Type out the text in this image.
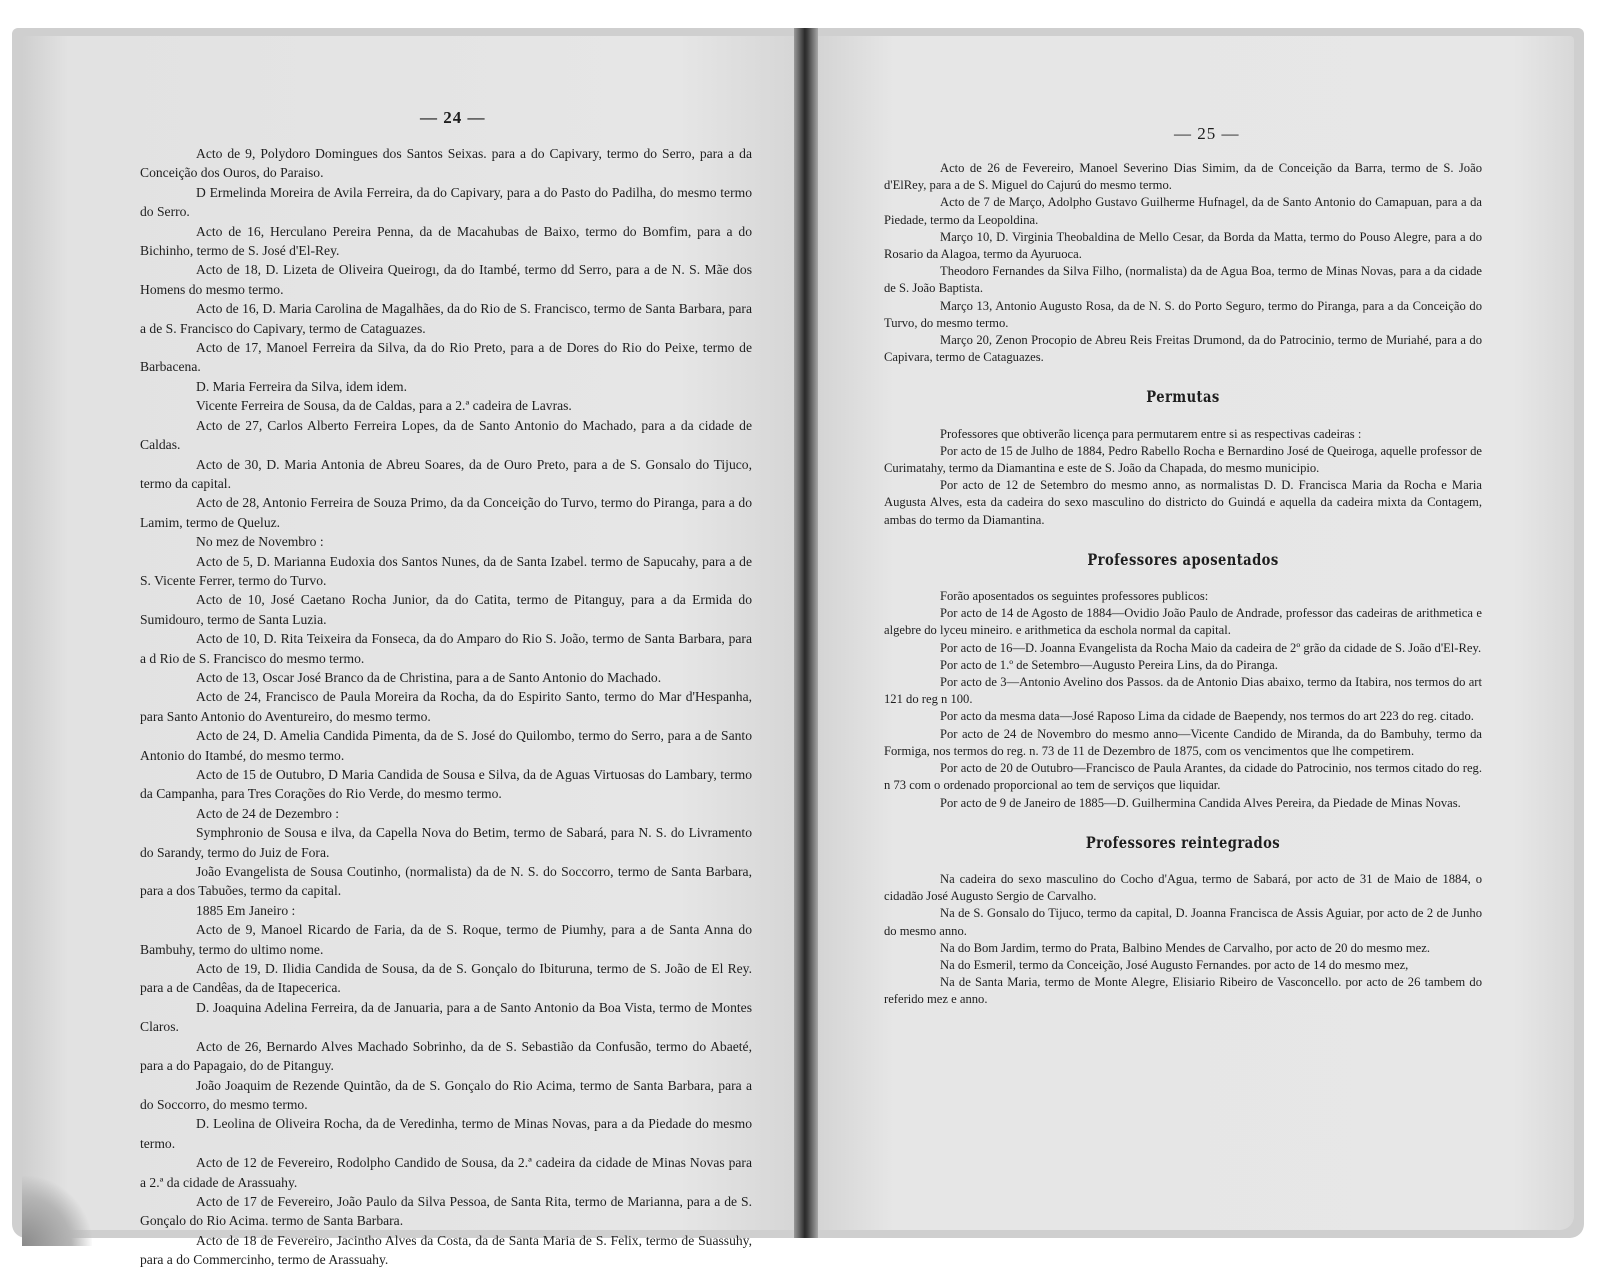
— 24 —

Acto de 9, Polydoro Domingues dos Santos Seixas. para a do Capivary, termo do Serro, para a da Conceição dos Ouros, do Paraiso.

D Ermelinda Moreira de Avila Ferreira, da do Capivary, para a do Pasto do Padilha, do mesmo termo do Serro.

Acto de 16, Herculano Pereira Penna, da de Macahubas de Baixo, termo do Bomfim, para a do Bichinho, termo de S. José d'El-Rey.

Acto de 18, D. Lizeta de Oliveira Queirogı, da do Itambé, termo dd Serro, para a de N. S. Mãe dos Homens do mesmo termo.

Acto de 16, D. Maria Carolina de Magalhães, da do Rio de S. Francisco, termo de Santa Barbara, para a de S. Francisco do Capivary, termo de Cataguazes.

Acto de 17, Manoel Ferreira da Silva, da do Rio Preto, para a de Dores do Rio do Peixe, termo de Barbacena.

D. Maria Ferreira da Silva, idem idem.

Vicente Ferreira de Sousa, da de Caldas, para a 2.ª cadeira de Lavras.

Acto de 27, Carlos Alberto Ferreira Lopes, da de Santo Antonio do Machado, para a da cidade de Caldas.

Acto de 30, D. Maria Antonia de Abreu Soares, da de Ouro Preto, para a de S. Gonsalo do Tijuco, termo da capital.

Acto de 28, Antonio Ferreira de Souza Primo, da da Conceição do Turvo, termo do Piranga, para a do Lamim, termo de Queluz.

No mez de Novembro :

Acto de 5, D. Marianna Eudoxia dos Santos Nunes, da de Santa Izabel. termo de Sapucahy, para a de S. Vicente Ferrer, termo do Turvo.

Acto de 10, José Caetano Rocha Junior, da do Catita, termo de Pitanguy, para a da Ermida do Sumidouro, termo de Santa Luzia.

Acto de 10, D. Rita Teixeira da Fonseca, da do Amparo do Rio S. João, termo de Santa Barbara, para a d Rio de S. Francisco do mesmo termo.

Acto de 13, Oscar José Branco da de Christina, para a de Santo Antonio do Machado.

Acto de 24, Francisco de Paula Moreira da Rocha, da do Espirito Santo, termo do Mar d'Hespanha, para Santo Antonio do Aventureiro, do mesmo termo.

Acto de 24, D. Amelia Candida Pimenta, da de S. José do Quilombo, termo do Serro, para a de Santo Antonio do Itambé, do mesmo termo.

Acto de 15 de Outubro, D Maria Candida de Sousa e Silva, da de Aguas Virtuosas do Lambary, termo da Campanha, para Tres Corações do Rio Verde, do mesmo termo.

Acto de 24 de Dezembro :

Symphronio de Sousa e ilva, da Capella Nova do Betim, termo de Sabará, para N. S. do Livramento do Sarandy, termo do Juiz de Fora.

João Evangelista de Sousa Coutinho, (normalista) da de N. S. do Soccorro, termo de Santa Barbara, para a dos Tabuões, termo da capital.

1885 Em Janeiro :

Acto de 9, Manoel Ricardo de Faria, da de S. Roque, termo de Piumhy, para a de Santa Anna do Bambuhy, termo do ultimo nome.

Acto de 19, D. Ilidia Candida de Sousa, da de S. Gonçalo do Ibituruna, termo de S. João de El Rey. para a de Candêas, da de Itapecerica.

D. Joaquina Adelina Ferreira, da de Januaria, para a de Santo Antonio da Boa Vista, termo de Montes Claros.

Acto de 26, Bernardo Alves Machado Sobrinho, da de S. Sebastião da Confusão, termo do Abaeté, para a do Papagaio, do de Pitanguy.

João Joaquim de Rezende Quintão, da de S. Gonçalo do Rio Acima, termo de Santa Barbara, para a do Soccorro, do mesmo termo.

D. Leolina de Oliveira Rocha, da de Veredinha, termo de Minas Novas, para a da Piedade do mesmo termo.

Acto de 12 de Fevereiro, Rodolpho Candido de Sousa, da 2.ª cadeira da cidade de Minas Novas para a 2.ª da cidade de Arassuahy.

Acto de 17 de Fevereiro, João Paulo da Silva Pessoa, de Santa Rita, termo de Marianna, para a de S. Gonçalo do Rio Acima. termo de Santa Barbara.

Acto de 18 de Fevereiro, Jacintho Alves da Costa, da de Santa Maria de S. Felix, termo de Suassuhy, para a do Commercinho, termo de Arassuahy.

— 25 —

Acto de 26 de Fevereiro, Manoel Severino Dias Simim, da de Conceição da Barra, termo de S. João d'ElRey, para a de S. Miguel do Cajurú do mesmo termo.

Acto de 7 de Março, Adolpho Gustavo Guilherme Hufnagel, da de Santo Antonio do Camapuan, para a da Piedade, termo da Leopoldina.

Março 10, D. Virginia Theobaldina de Mello Cesar, da Borda da Matta, termo do Pouso Alegre, para a do Rosario da Alagoa, termo da Ayuruoca.

Theodoro Fernandes da Silva Filho, (normalista) da de Agua Boa, termo de Minas Novas, para a da cidade de S. João Baptista.

Março 13, Antonio Augusto Rosa, da de N. S. do Porto Seguro, termo do Piranga, para a da Conceição do Turvo, do mesmo termo.

Março 20, Zenon Procopio de Abreu Reis Freitas Drumond, da do Patrocinio, termo de Muriahé, para a do Capivara, termo de Cataguazes.

Permutas

Professores que obtiverão licença para permutarem entre si as respectivas cadeiras :

Por acto de 15 de Julho de 1884, Pedro Rabello Rocha e Bernardino José de Queiroga, aquelle professor de Curimatahy, termo da Diamantina e este de S. João da Chapada, do mesmo municipio.

Por acto de 12 de Setembro do mesmo anno, as normalistas D. D. Francisca Maria da Rocha e Maria Augusta Alves, esta da cadeira do sexo masculino do districto do Guindá e aquella da cadeira mixta da Contagem, ambas do termo da Diamantina.

Professores aposentados

Forão aposentados os seguintes professores publicos:

Por acto de 14 de Agosto de 1884—Ovidio João Paulo de Andrade, professor das cadeiras de arithmetica e algebre do lyceu mineiro. e arithmetica da eschola normal da capital.

Por acto de 16—D. Joanna Evangelista da Rocha Maio da cadeira de 2º grão da cidade de S. João d'El-Rey.

Por acto de 1.º de Setembro—Augusto Pereira Lins, da do Piranga.

Por acto de 3—Antonio Avelino dos Passos. da de Antonio Dias abaixo, termo da Itabira, nos termos do art 121 do reg n 100.

Por acto da mesma data—José Raposo Lima da cidade de Baependy, nos termos do art 223 do reg. citado.

Por acto de 24 de Novembro do mesmo anno—Vicente Candido de Miranda, da do Bambuhy, termo da Formiga, nos termos do reg. n. 73 de 11 de Dezembro de 1875, com os vencimentos que lhe competirem.

Por acto de 20 de Outubro—Francisco de Paula Arantes, da cidade do Patrocinio, nos termos citado do reg. n 73 com o ordenado proporcional ao tem de serviços que liquidar.

Por acto de 9 de Janeiro de 1885—D. Guilhermina Candida Alves Pereira, da Piedade de Minas Novas.

Professores reintegrados

Na cadeira do sexo masculino do Cocho d'Agua, termo de Sabará, por acto de 31 de Maio de 1884, o cidadão José Augusto Sergio de Carvalho.

Na de S. Gonsalo do Tijuco, termo da capital, D. Joanna Francisca de Assis Aguiar, por acto de 2 de Junho do mesmo anno.

Na do Bom Jardim, termo do Prata, Balbino Mendes de Carvalho, por acto de 20 do mesmo mez.

Na do Esmeril, termo da Conceição, José Augusto Fernandes. por acto de 14 do mesmo mez,

Na de Santa Maria, termo de Monte Alegre, Elisiario Ribeiro de Vasconcello. por acto de 26 tambem do referido mez e anno.
